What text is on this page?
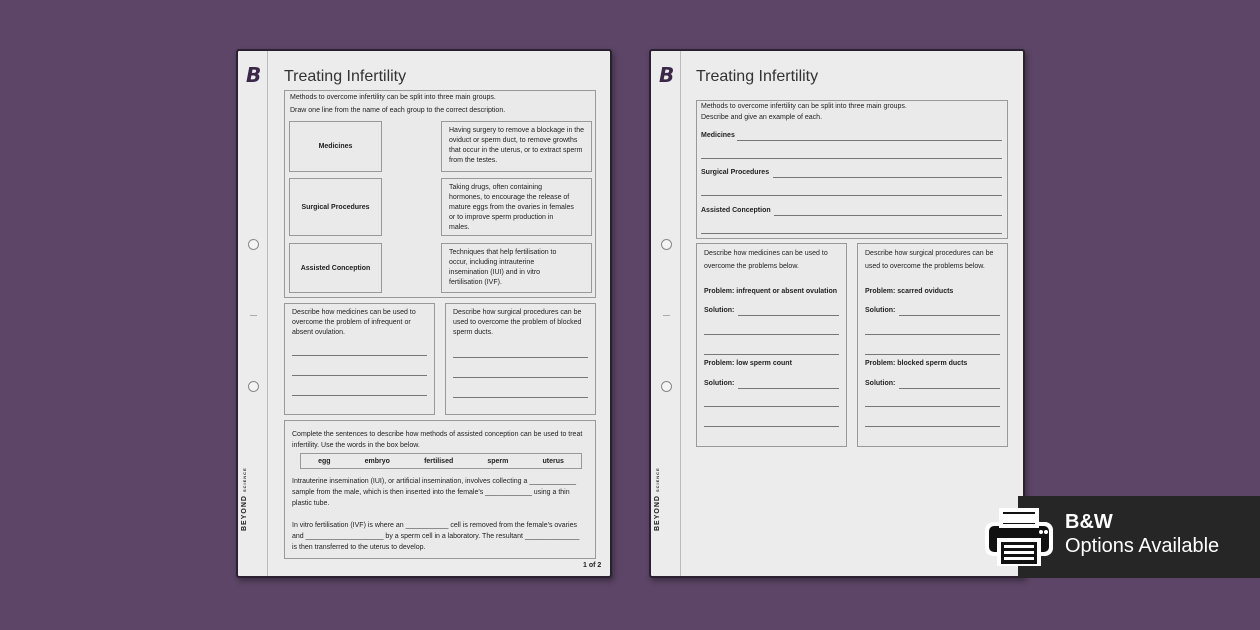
B
BEYONDSCIENCE
Treating Infertility
Methods to overcome infertility can be split into three main groups.
Draw one line from the name of each group to the correct description.
Medicines
Surgical Procedures
Assisted Conception
Having surgery to remove a blockage in the oviduct or sperm duct, to remove growths that occur in the uterus, or to extract sperm from the testes.
Taking drugs, often containing hormones, to encourage the release of mature eggs from the ovaries in females or to improve sperm production in males.
Techniques that help fertilisation to occur, including intrauterine insemination (IUI) and in vitro fertilisation (IVF).
Describe how medicines can be used to overcome the problem of infrequent or absent ovulation.
Describe how surgical procedures can be used to overcome the problem of blocked sperm ducts.
Complete the sentences to describe how methods of assisted conception can be used to treat infertility. Use the words in the box below.
egg	embryo	fertilised	sperm	uterus
Intrauterine insemination (IUI), or artificial insemination, involves collecting a ____________ sample from the male, which is then inserted into the female's ____________ using a thin plastic tube.
In vitro fertilisation (IVF) is where an ___________ cell is removed from the female's ovaries and ____________________ by a sperm cell in a laboratory. The resultant ______________ is then transferred to the uterus to develop.
1 of 2
B
BEYONDSCIENCE
Treating Infertility
Methods to overcome infertility can be split into three main groups.
Describe and give an example of each.
Medicines
Surgical Procedures
Assisted Conception
Describe how medicines can be used to overcome the problems below.
Problem: infrequent or absent ovulation
Solution:
Problem: low sperm count
Solution:
Describe how surgical procedures can be used to overcome the problems below.
Problem: scarred oviducts
Solution:
Problem: blocked sperm ducts
Solution:
B&W
Options Available
